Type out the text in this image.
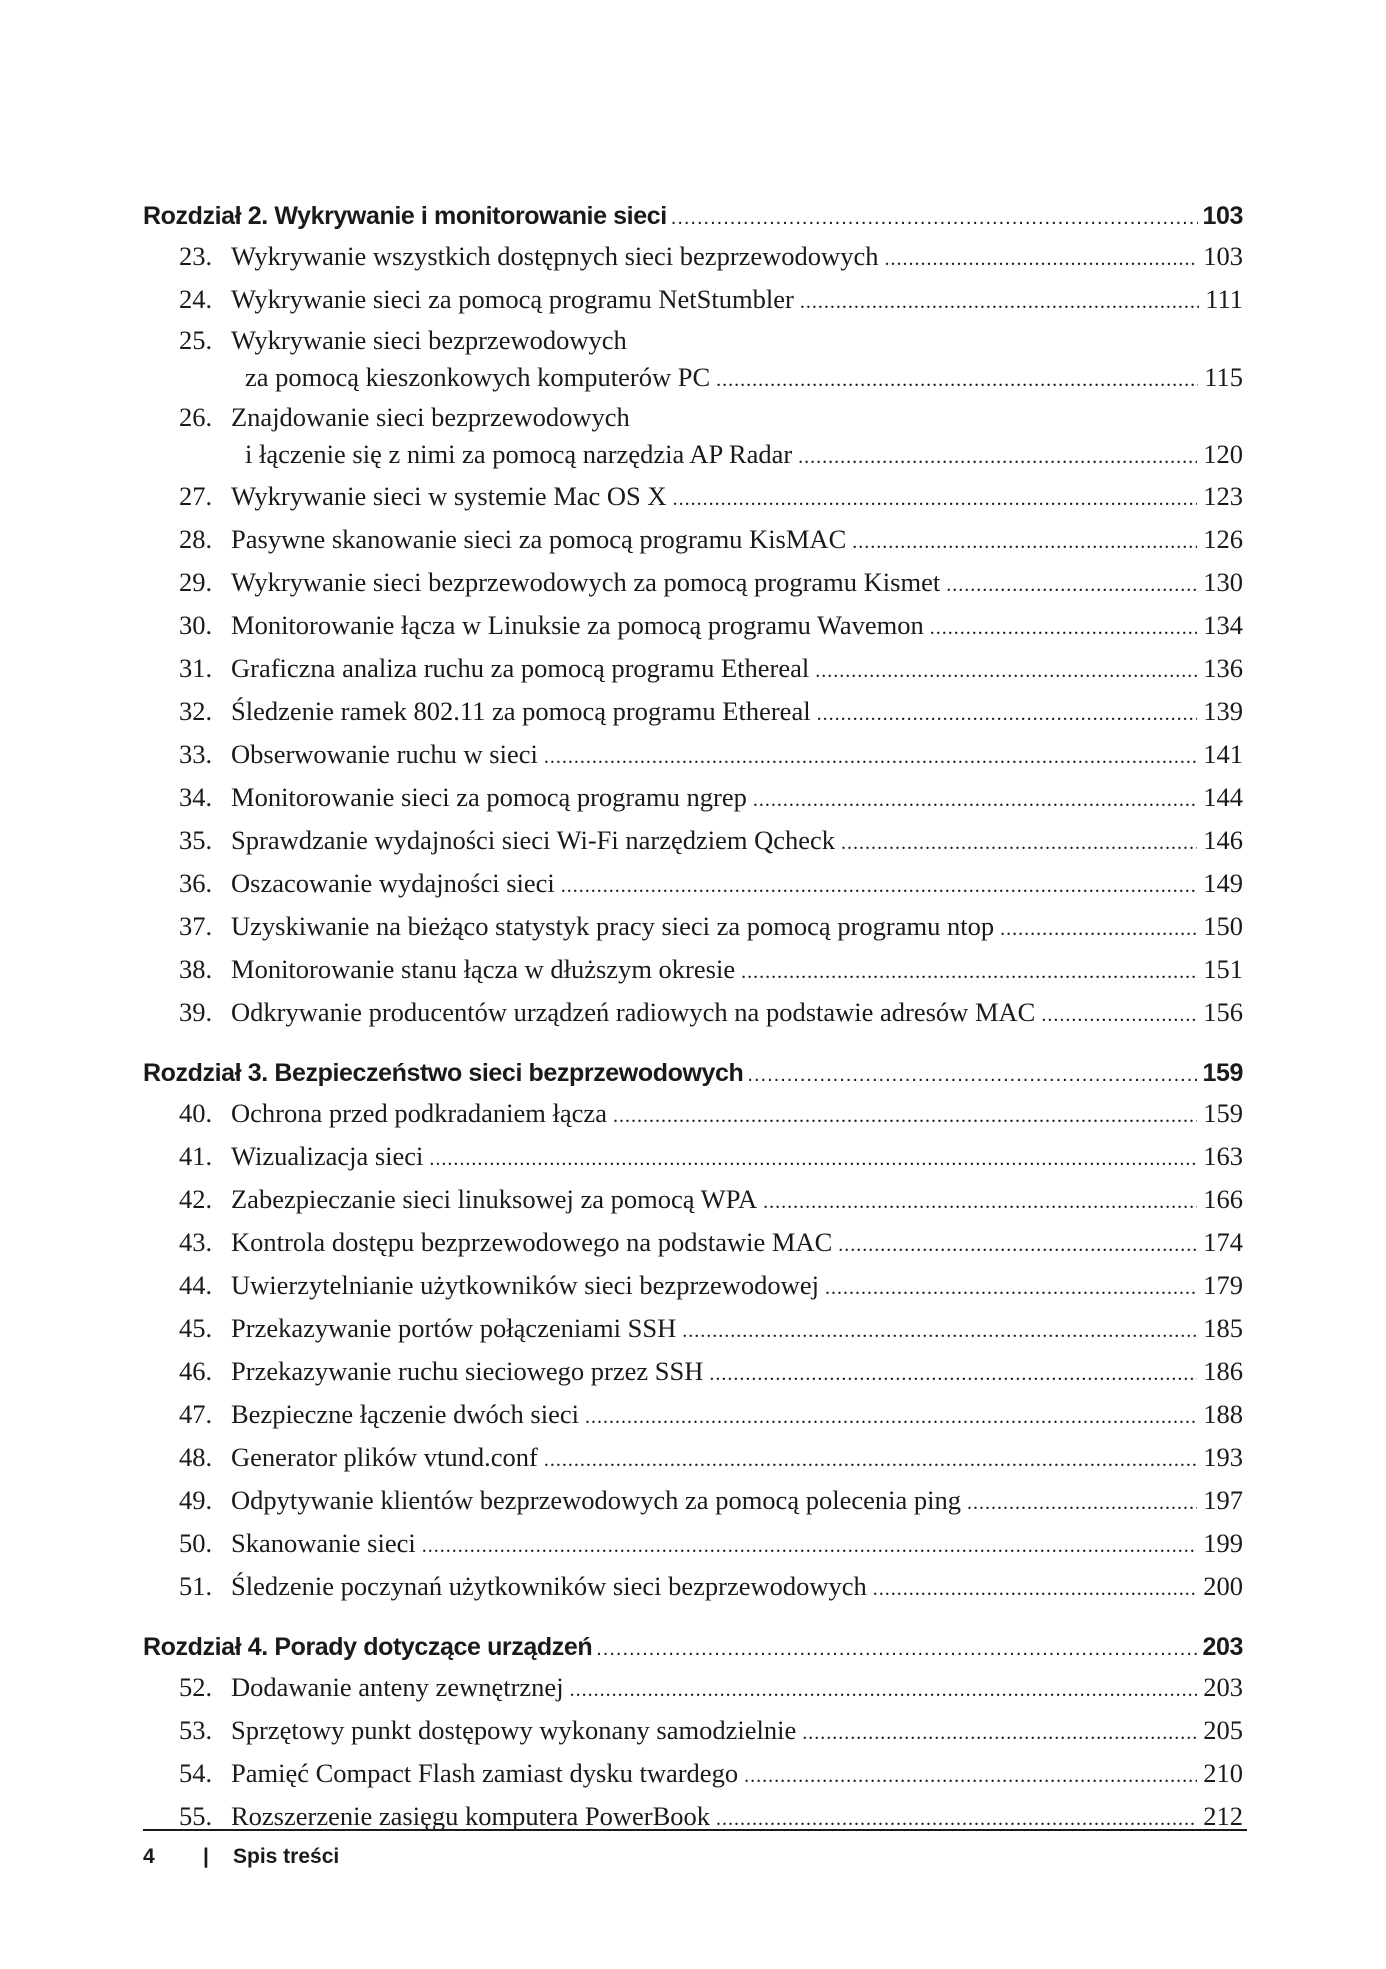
Rozdział 2. Wykrywanie i monitorowanie sieci .....	103
23. Wykrywanie wszystkich dostępnych sieci bezprzewodowych .....	103
24. Wykrywanie sieci za pomocą programu NetStumbler .....	111
25. Wykrywanie sieci bezprzewodowych
za pomocą kieszonkowych komputerów PC .....	115
26. Znajdowanie sieci bezprzewodowych
i łączenie się z nimi za pomocą narzędzia AP Radar .....	120
27. Wykrywanie sieci w systemie Mac OS X .....	123
28. Pasywne skanowanie sieci za pomocą programu KisMAC .....	126
29. Wykrywanie sieci bezprzewodowych za pomocą programu Kismet .....	130
30. Monitorowanie łącza w Linuksie za pomocą programu Wavemon .....	134
31. Graficzna analiza ruchu za pomocą programu Ethereal .....	136
32. Śledzenie ramek 802.11 za pomocą programu Ethereal .....	139
33. Obserwowanie ruchu w sieci .....	141
34. Monitorowanie sieci za pomocą programu ngrep .....	144
35. Sprawdzanie wydajności sieci Wi-Fi narzędziem Qcheck .....	146
36. Oszacowanie wydajności sieci .....	149
37. Uzyskiwanie na bieżąco statystyk pracy sieci za pomocą programu ntop .....	150
38. Monitorowanie stanu łącza w dłuższym okresie .....	151
39. Odkrywanie producentów urządzeń radiowych na podstawie adresów MAC .....	156
Rozdział 3. Bezpieczeństwo sieci bezprzewodowych .....	159
40. Ochrona przed podkradaniem łącza .....	159
41. Wizualizacja sieci .....	163
42. Zabezpieczanie sieci linuksowej za pomocą WPA .....	166
43. Kontrola dostępu bezprzewodowego na podstawie MAC .....	174
44. Uwierzytelnianie użytkowników sieci bezprzewodowej .....	179
45. Przekazywanie portów połączeniami SSH .....	185
46. Przekazywanie ruchu sieciowego przez SSH .....	186
47. Bezpieczne łączenie dwóch sieci .....	188
48. Generator plików vtund.conf .....	193
49. Odpytywanie klientów bezprzewodowych za pomocą polecenia ping .....	197
50. Skanowanie sieci .....	199
51. Śledzenie poczynań użytkowników sieci bezprzewodowych .....	200
Rozdział 4. Porady dotyczące urządzeń .....	203
52. Dodawanie anteny zewnętrznej .....	203
53. Sprzętowy punkt dostępowy wykonany samodzielnie .....	205
54. Pamięć Compact Flash zamiast dysku twardego .....	210
55. Rozszerzenie zasięgu komputera PowerBook .....	212
4	|	Spis treści
